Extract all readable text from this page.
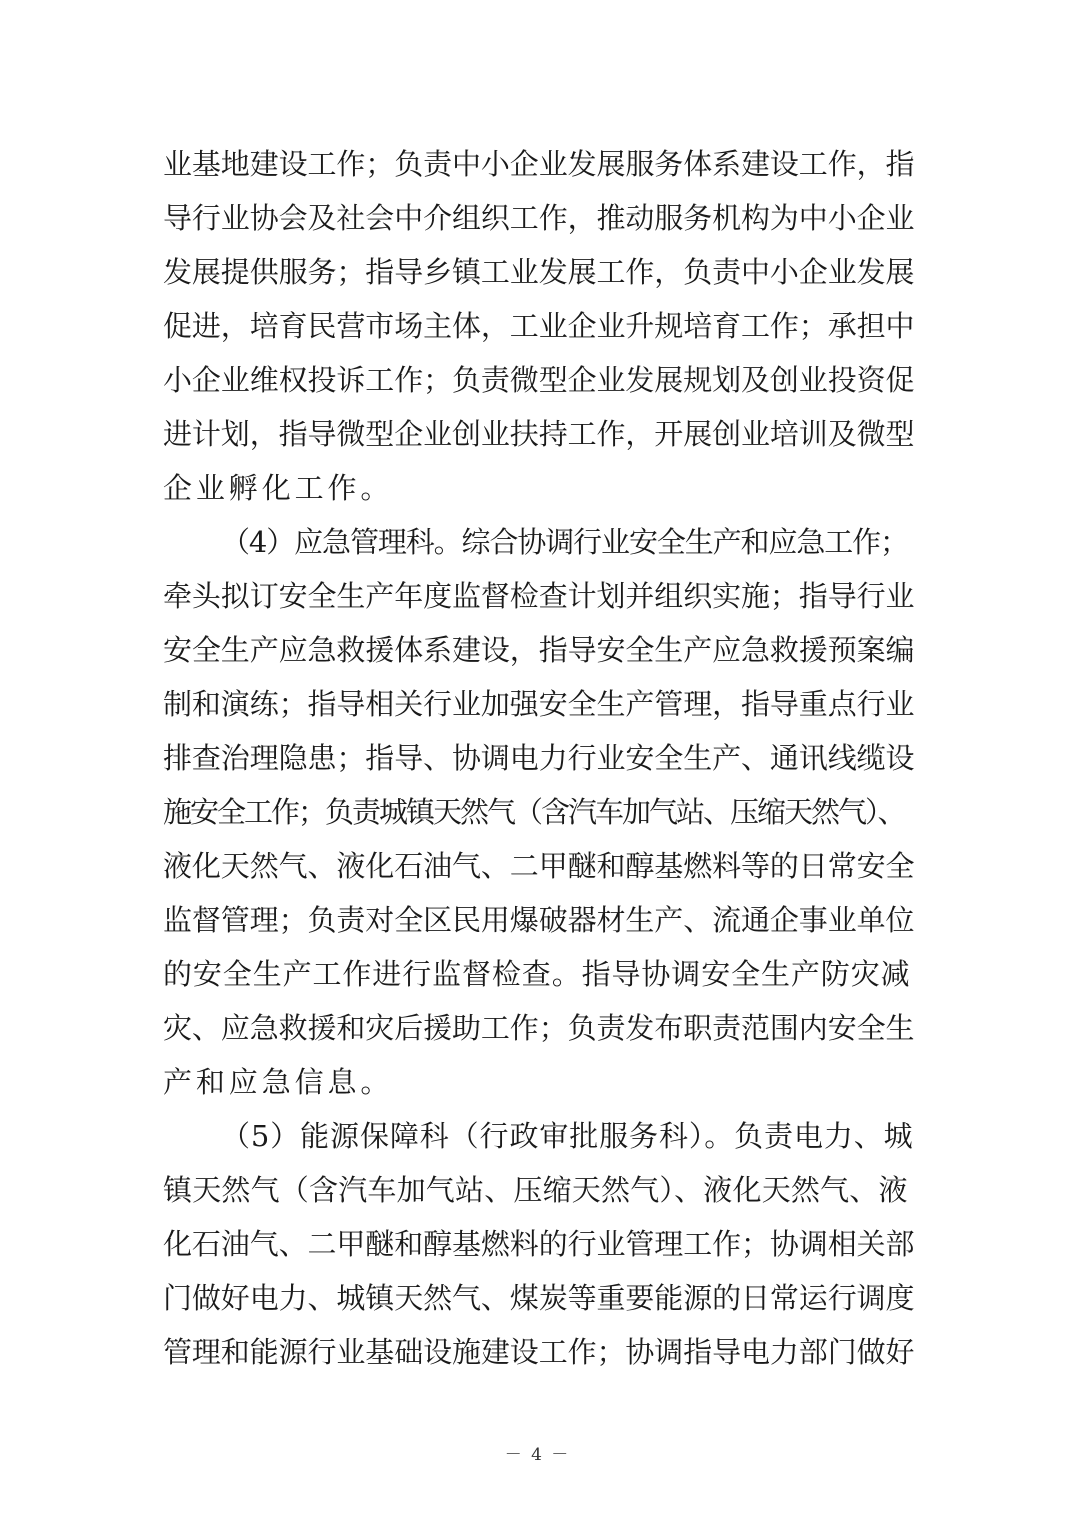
业基地建设工作；负责中小企业发展服务体系建设工作，指
导行业协会及社会中介组织工作，推动服务机构为中小企业
发展提供服务；指导乡镇工业发展工作，负责中小企业发展
促进，培育民营市场主体，工业企业升规培育工作；承担中
小企业维权投诉工作；负责微型企业发展规划及创业投资促
进计划，指导微型企业创业扶持工作，开展创业培训及微型
企业孵化工作。
（4）应急管理科。综合协调行业安全生产和应急工作；
牵头拟订安全生产年度监督检查计划并组织实施；指导行业
安全生产应急救援体系建设，指导安全生产应急救援预案编
制和演练；指导相关行业加强安全生产管理，指导重点行业
排查治理隐患；指导、协调电力行业安全生产、通讯线缆设
施安全工作；负责城镇天然气（含汽车加气站、压缩天然气）、
液化天然气、液化石油气、二甲醚和醇基燃料等的日常安全
监督管理；负责对全区民用爆破器材生产、流通企事业单位
的安全生产工作进行监督检查。指导协调安全生产防灾减
灾、应急救援和灾后援助工作；负责发布职责范围内安全生
产和应急信息。
（5）能源保障科（行政审批服务科）。负责电力、城
镇天然气（含汽车加气站、压缩天然气）、液化天然气、液
化石油气、二甲醚和醇基燃料的行业管理工作；协调相关部
门做好电力、城镇天然气、煤炭等重要能源的日常运行调度
管理和能源行业基础设施建设工作；协调指导电力部门做好
－ 4 －
